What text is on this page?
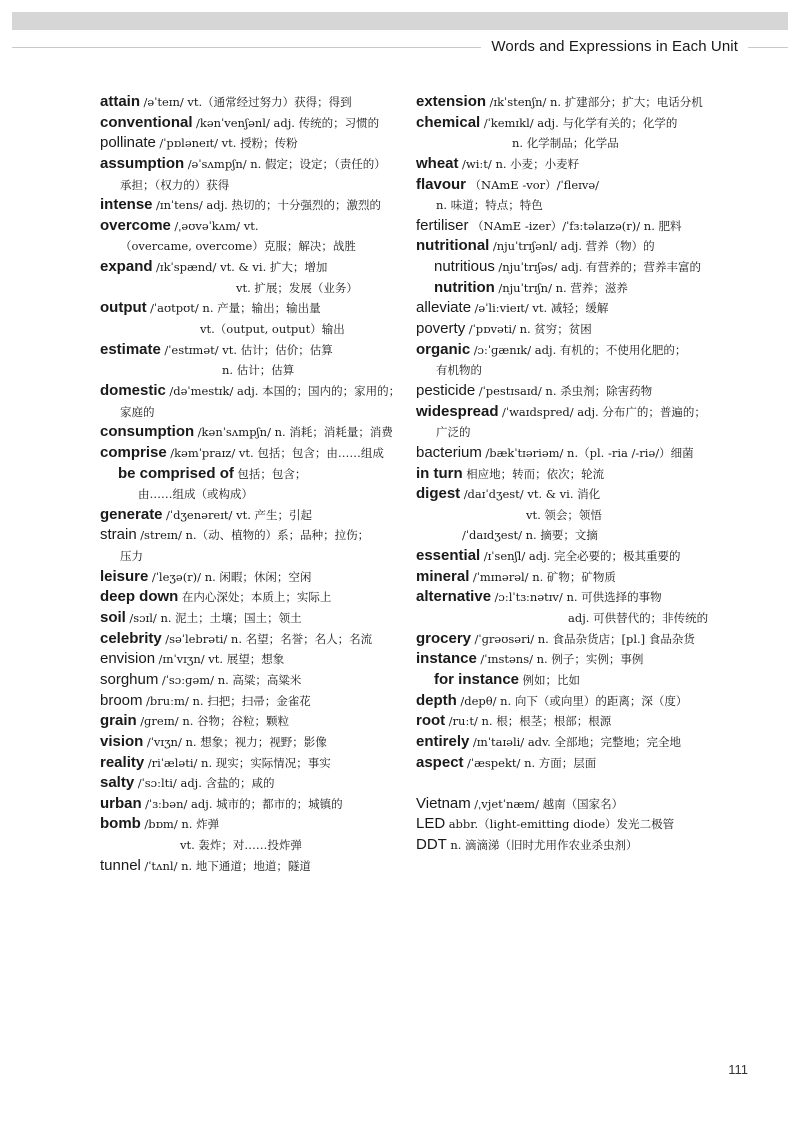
Words and Expressions in Each Unit
attain /əˈteɪn/ vt.（通常经过努力）获得；得到
conventional /kənˈvenʃənl/ adj. 传统的；习惯的
pollinate /ˈpɒləneɪt/ vt. 授粉；传粉
assumption /əˈsʌmpʃn/ n. 假定；设定；（责任的）
承担；（权力的）获得
intense /ɪnˈtens/ adj. 热切的；十分强烈的；激烈的
overcome /ˌəʊvəˈkʌm/ vt.
（overcame, overcome）克服；解决；战胜
expand /ɪkˈspænd/ vt. & vi. 扩大；增加
vt. 扩展；发展（业务）
output /ˈaʊtpʊt/ n. 产量；输出；输出量
vt.（output, output）输出
estimate /ˈestɪmət/ vt. 估计；估价；估算
n. 估计；估算
domestic /dəˈmestɪk/ adj. 本国的；国内的；家用的；
家庭的
consumption /kənˈsʌmpʃn/ n. 消耗；消耗量；消费
comprise /kəmˈpraɪz/ vt. 包括；包含；由……组成
be comprised of 包括；包含；
由……组成（或构成）
generate /ˈdʒenəreɪt/ vt. 产生；引起
strain /streɪn/ n.（动、植物的）系；品种；拉伤；
压力
leisure /ˈleʒə(r)/ n. 闲暇；休闲；空闲
deep down 在内心深处；本质上；实际上
soil /sɔɪl/ n. 泥土；土壤；国土；领土
celebrity /səˈlebrəti/ n. 名望；名誉；名人；名流
envision /ɪnˈvɪʒn/ vt. 展望；想象
sorghum /ˈsɔːɡəm/ n. 高粱；高粱米
broom /bruːm/ n. 扫把；扫帚；金雀花
grain /ɡreɪn/ n. 谷物；谷粒；颗粒
vision /ˈvɪʒn/ n. 想象；视力；视野；影像
reality /riˈæləti/ n. 现实；实际情况；事实
salty /ˈsɔːlti/ adj. 含盐的；咸的
urban /ˈɜːbən/ adj. 城市的；都市的；城镇的
bomb /bɒm/ n. 炸弹
vt. 轰炸；对……投炸弹
tunnel /ˈtʌnl/ n. 地下通道；地道；隧道
extension /ɪkˈstenʃn/ n. 扩建部分；扩大；电话分机
chemical /ˈkemɪkl/ adj. 与化学有关的；化学的
n. 化学制品；化学品
wheat /wiːt/ n. 小麦；小麦籽
flavour （NAmE -vor）/ˈfleɪvə/
n. 味道；特点；特色
fertiliser （NAmE -izer）/ˈfɜːtəlaɪzə(r)/ n. 肥料
nutritional /njuˈtrɪʃənl/ adj. 营养（物）的
nutritious /njuˈtrɪʃəs/ adj. 有营养的；营养丰富的
nutrition /njuˈtrɪʃn/ n. 营养；滋养
alleviate /əˈliːvieɪt/ vt. 减轻；缓解
poverty /ˈpɒvəti/ n. 贫穷；贫困
organic /ɔːˈɡænɪk/ adj. 有机的；不使用化肥的；
有机物的
pesticide /ˈpestɪsaɪd/ n. 杀虫剂；除害药物
widespread /ˈwaɪdspred/ adj. 分布广的；普遍的；
广泛的
bacterium /bækˈtɪəriəm/ n.（pl. -ria /-riə/）细菌
in turn 相应地；转而；依次；轮流
digest /daɪˈdʒest/ vt. & vi. 消化
vt. 领会；领悟
/ˈdaɪdʒest/ n. 摘要；文摘
essential /ɪˈsenʃl/ adj. 完全必要的；极其重要的
mineral /ˈmɪnərəl/ n. 矿物；矿物质
alternative /ɔːlˈtɜːnətɪv/ n. 可供选择的事物
adj. 可供替代的；非传统的
grocery /ˈɡrəʊsəri/ n. 食品杂货店；[pl.] 食品杂货
instance /ˈɪnstəns/ n. 例子；实例；事例
for instance 例如；比如
depth /depθ/ n. 向下（或向里）的距离；深（度）
root /ruːt/ n. 根；根茎；根部；根源
entirely /ɪnˈtaɪəli/ adv. 全部地；完整地；完全地
aspect /ˈæspekt/ n. 方面；层面
Vietnam /ˌvjetˈnæm/ 越南（国家名）
LED abbr.（light-emitting diode）发光二极管
DDT n. 滴滴涕（旧时尤用作农业杀虫剂）
111
